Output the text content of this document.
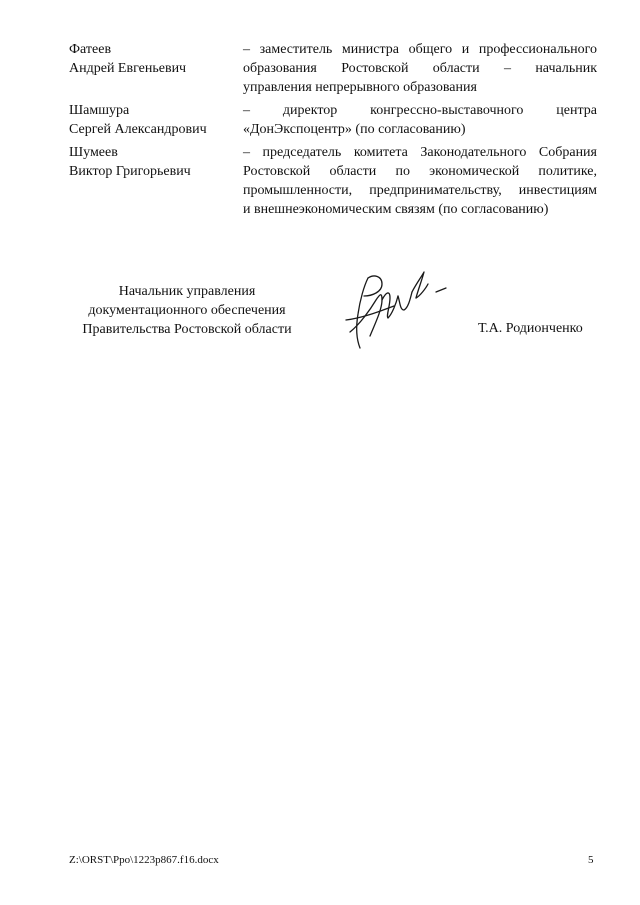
Фатеев
Андрей Евгеньевич
– заместитель министра общего и профессионального
образования Ростовской области – начальник
управления непрерывного образования
Шамшура
Сергей Александрович
– директор конгрессно-выставочного центра
«ДонЭкспоцентр» (по согласованию)
Шумеев
Виктор Григорьевич
– председатель комитета Законодательного Собрания
Ростовской области по экономической политике,
промышленности, предпринимательству, инвестициям
и внешнеэкономическим связям (по согласованию)
Начальник управления
документационного обеспечения
Правительства Ростовской области	Т.А. Родионченко
Z:\ORST\Ppo\1223p867.f16.docx	5
